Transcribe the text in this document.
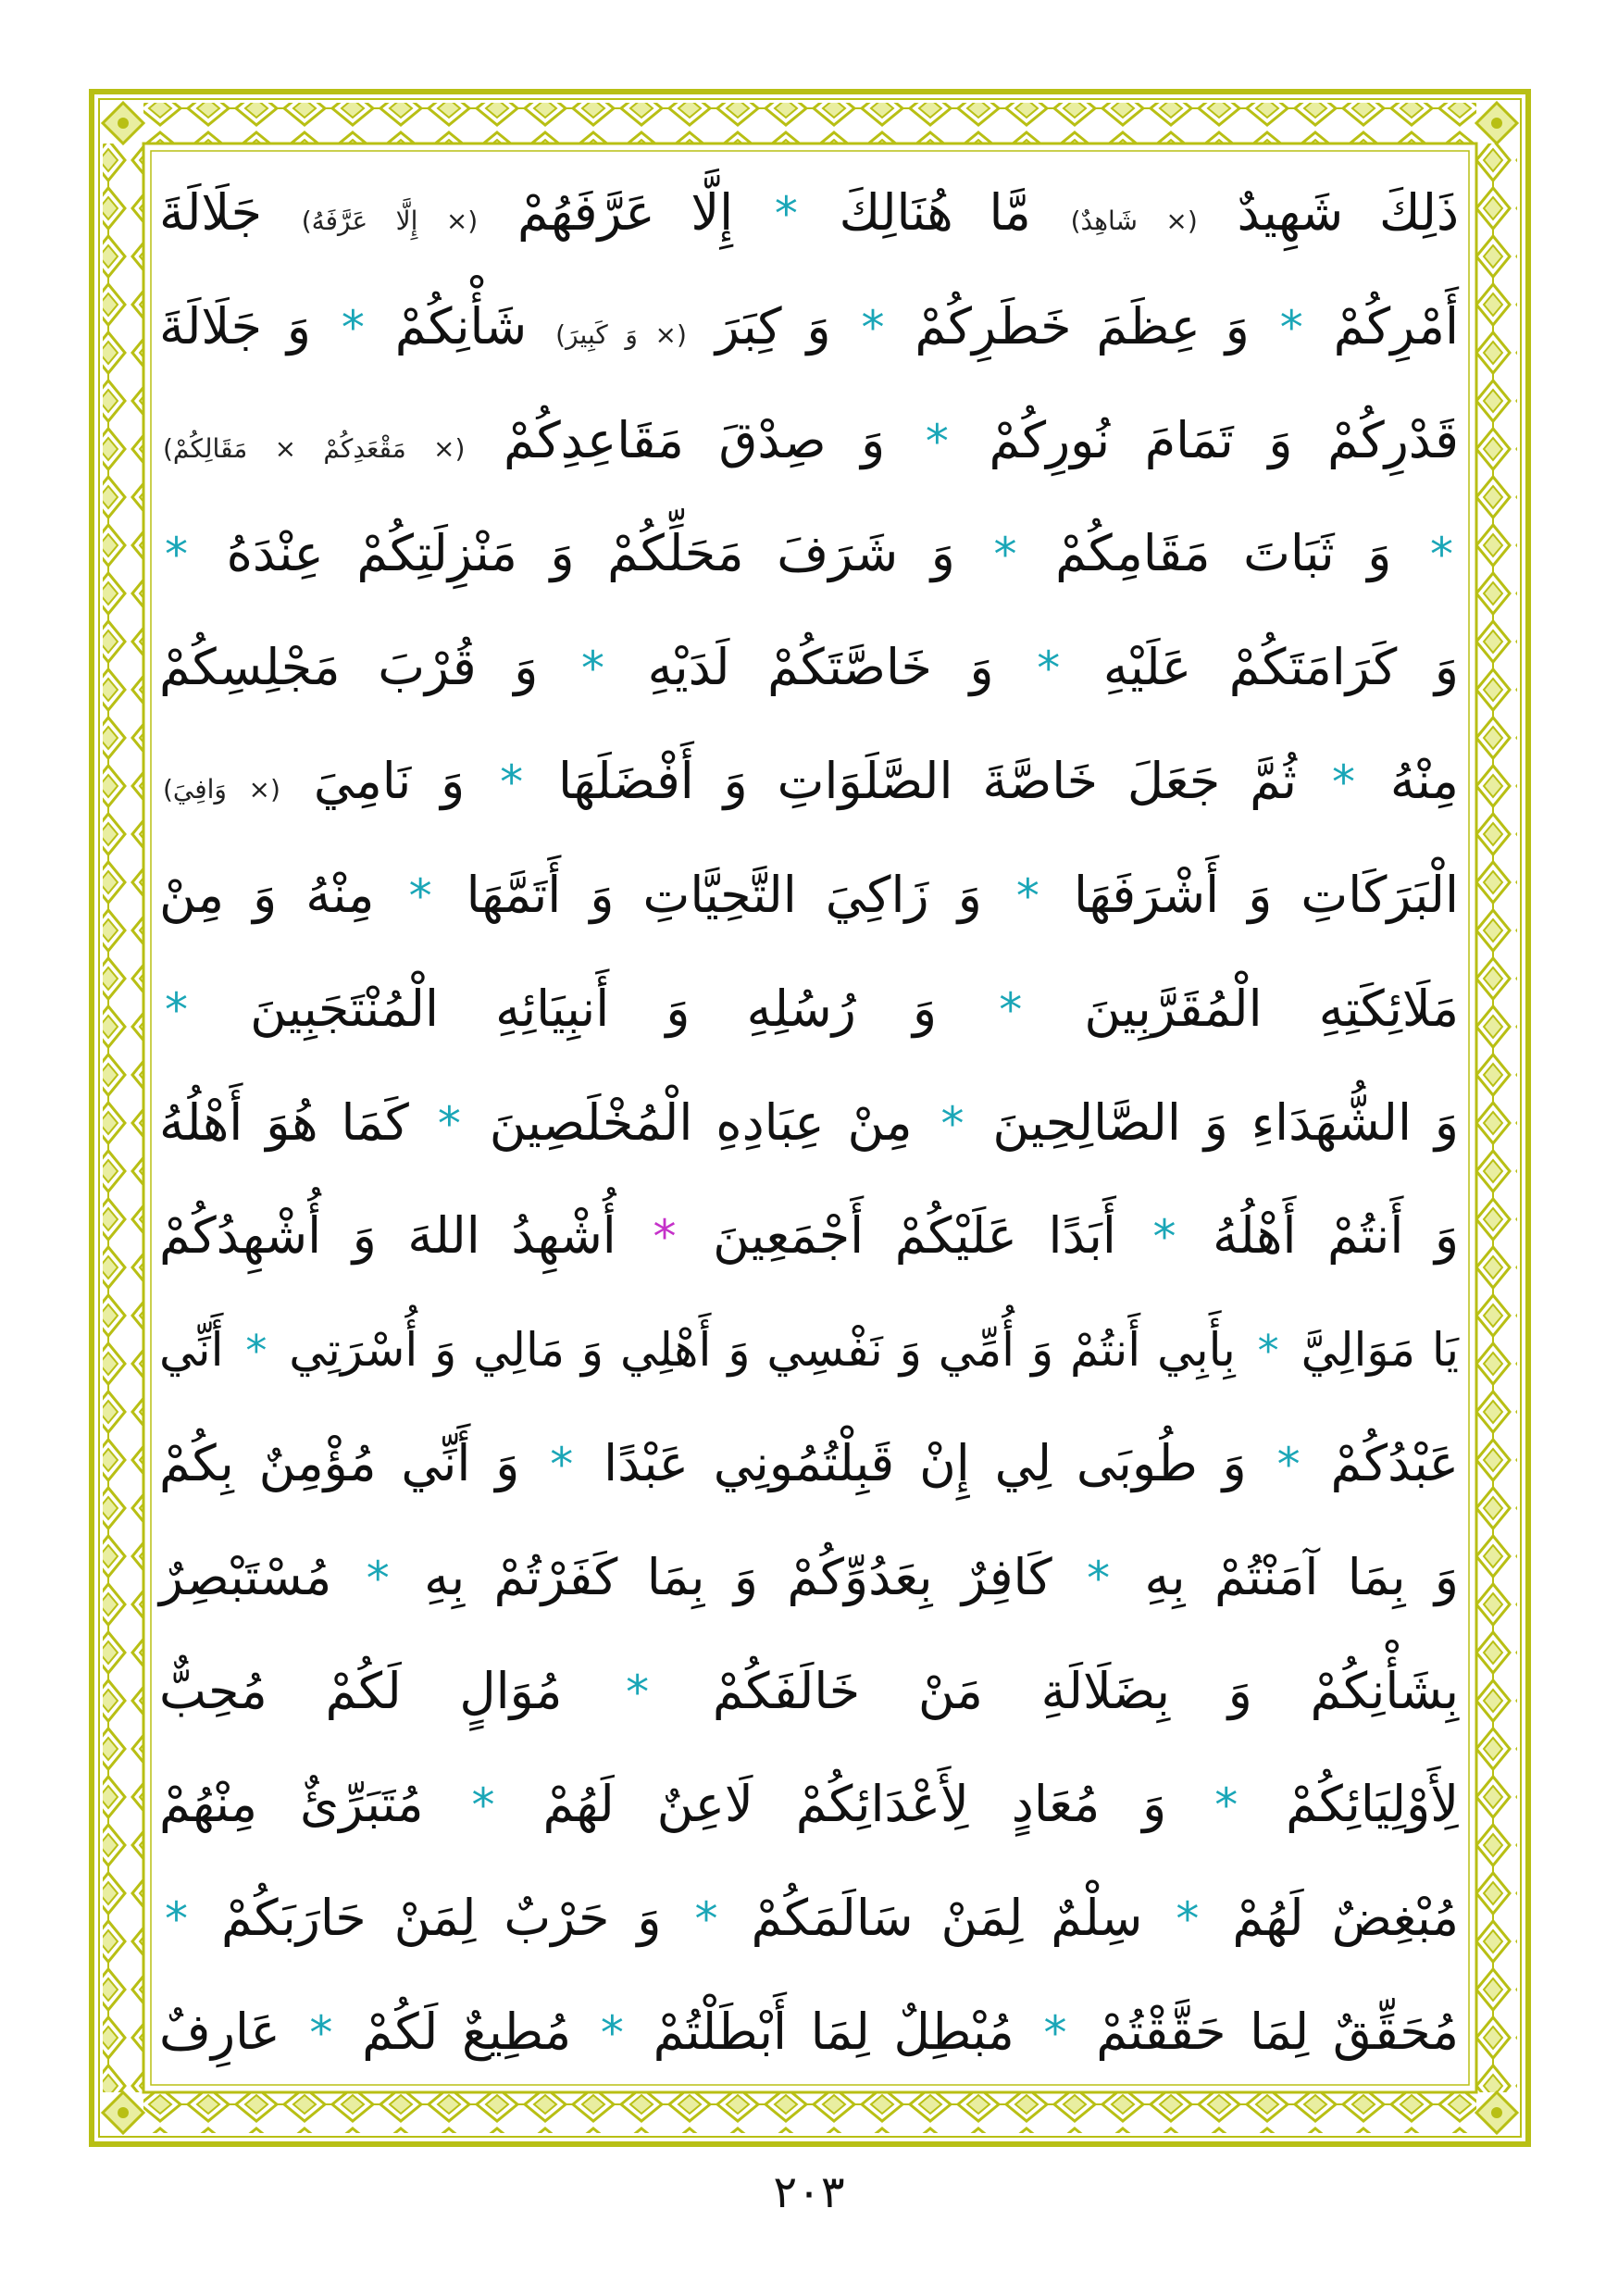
ذَلِكَ شَهِيدٌ (× شَاهِدٌ) مَّا هُنَالِكَ * إِلَّا عَرَّفَهُمْ (× إِلَّا عَرَّفَهُ) جَلَالَةَ
أَمْرِكُمْ * وَ عِظَمَ خَطَرِكُمْ * وَ كِبَرَ (× وَ كَبِيرَ) شَأْنِكُمْ * وَ جَلَالَةَ
قَدْرِكُمْ وَ تَمَامَ نُورِكُمْ * وَ صِدْقَ مَقَاعِدِكُمْ (× مَقْعَدِكُمْ × مَقَالِكُمْ)
* وَ ثَبَاتَ مَقَامِكُمْ * وَ شَرَفَ مَحَلِّكُمْ وَ مَنْزِلَتِكُمْ عِنْدَهُ *
وَ كَرَامَتَكُمْ عَلَيْهِ * وَ خَاصَّتَكُمْ لَدَيْهِ * وَ قُرْبَ مَجْلِسِكُمْ
مِنْهُ * ثُمَّ جَعَلَ خَاصَّةَ الصَّلَوَاتِ وَ أَفْضَلَهَا * وَ نَامِيَ (× وَافِيَ)
الْبَرَكَاتِ وَ أَشْرَفَهَا * وَ زَاكِيَ التَّحِيَّاتِ وَ أَتَمَّهَا * مِنْهُ وَ مِنْ
مَلَائِكَتِهِ الْمُقَرَّبِينَ * وَ رُسُلِهِ وَ أَنبِيَائِهِ الْمُنْتَجَبِينَ *
وَ الشُّهَدَاءِ وَ الصَّالِحِينَ * مِنْ عِبَادِهِ الْمُخْلَصِينَ * كَمَا هُوَ أَهْلُهُ
وَ أَنتُمْ أَهْلُهُ * أَبَدًا عَلَيْكُمْ أَجْمَعِينَ * أُشْهِدُ اللهَ وَ أُشْهِدُكُمْ
يَا مَوَالِيَّ * بِأَبِي أَنتُمْ وَ أُمِّي وَ نَفْسِي وَ أَهْلِي وَ مَالِي وَ أُسْرَتِي * أَنِّي
عَبْدُكُمْ * وَ طُوبَى لِي إِنْ قَبِلْتُمُونِي عَبْدًا * وَ أَنِّي مُؤْمِنٌ بِكُمْ
وَ بِمَا آمَنْتُمْ بِهِ * كَافِرٌ بِعَدُوِّكُمْ وَ بِمَا كَفَرْتُمْ بِهِ * مُسْتَبْصِرٌ
بِشَأْنِكُمْ وَ بِضَلَالَةِ مَنْ خَالَفَكُمْ * مُوَالٍ لَكُمْ مُحِبٌّ
لِأَوْلِيَائِكُمْ * وَ مُعَادٍ لِأَعْدَائِكُمْ لَاعِنٌ لَهُمْ * مُتَبَرِّئٌ مِنْهُمْ
مُبْغِضٌ لَهُمْ * سِلْمٌ لِمَنْ سَالَمَكُمْ * وَ حَرْبٌ لِمَنْ حَارَبَكُمْ *
مُحَقِّقٌ لِمَا حَقَّقْتُمْ * مُبْطِلٌ لِمَا أَبْطَلْتُمْ * مُطِيعٌ لَكُمْ * عَارِفٌ
٢٠٣
